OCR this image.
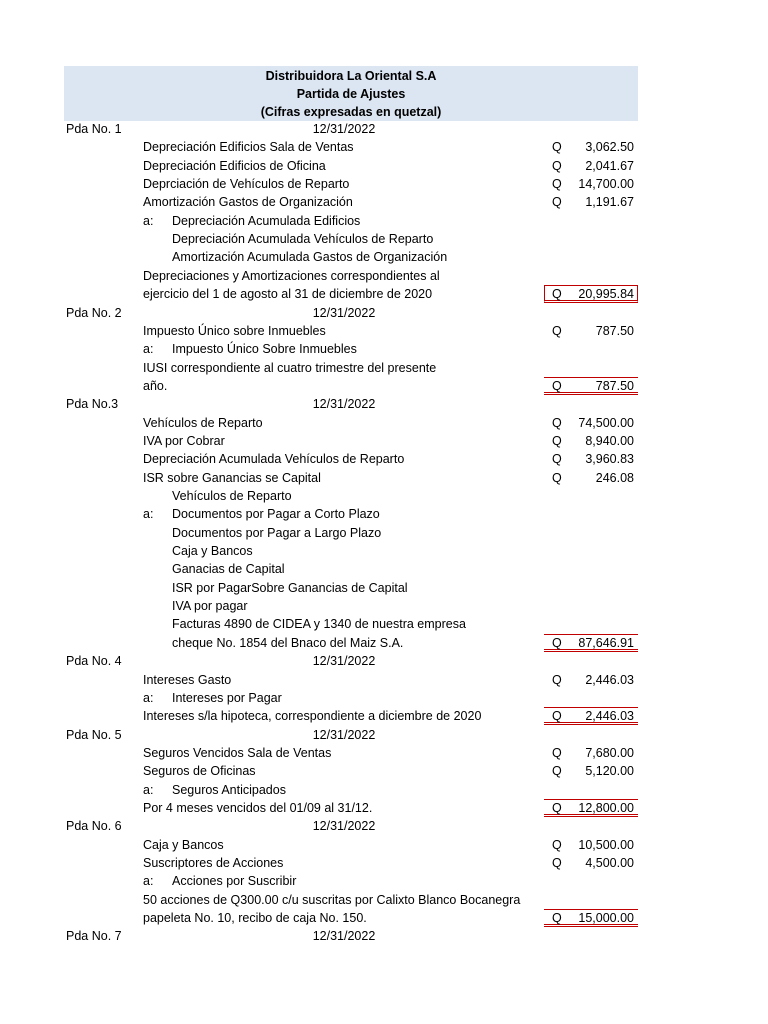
Distribuidora La Oriental S.A
Partida de Ajustes
(Cifras expresadas en quetzal)
Pda No. 1	12/31/2022
Depreciación Edificios Sala de Ventas	Q 3,062.50
Depreciación Edificios de Oficina	Q 2,041.67
Deprciación de Vehículos de Reparto	Q 14,700.00
Amortización Gastos de Organización	Q 1,191.67
a: Depreciación Acumulada Edificios
Depreciación Acumulada Vehículos de Reparto
Amortización Acumulada Gastos de Organización
Depreciaciones y Amortizaciones correspondientes al
ejercicio del 1 de agosto al 31 de diciembre de 2020	Q 20,995.84
Pda No. 2	12/31/2022
Impuesto Único sobre Inmuebles	Q	787.50
a: Impuesto Único Sobre Inmuebles
IUSI correspondiente al cuatro trimestre del presente
año.	Q	787.50
Pda No.3	12/31/2022
Vehículos de Reparto	Q 74,500.00
IVA por Cobrar	Q 8,940.00
Depreciación Acumulada Vehículos de Reparto	Q 3,960.83
ISR sobre Ganancias se Capital	Q	246.08
Vehículos de Reparto
a: Documentos por Pagar a Corto Plazo
Documentos por Pagar a Largo Plazo
Caja y Bancos
Ganacias de Capital
ISR por PagarSobre Ganancias de Capital
IVA por pagar
Facturas 4890 de CIDEA y 1340 de nuestra empresa
cheque No. 1854 del Bnaco del Maiz S.A.	Q 87,646.91
Pda No. 4	12/31/2022
Intereses Gasto	Q 2,446.03
a: Intereses por Pagar
Intereses s/la hipoteca, correspondiente a diciembre de 2020	Q 2,446.03
Pda No. 5	12/31/2022
Seguros Vencidos Sala de Ventas	Q 7,680.00
Seguros de Oficinas	Q 5,120.00
a: Seguros Anticipados
Por 4 meses vencidos del 01/09 al 31/12.	Q 12,800.00
Pda No. 6	12/31/2022
Caja y Bancos	Q 10,500.00
Suscriptores de Acciones	Q 4,500.00
a: Acciones por Suscribir
50 acciones de Q300.00 c/u suscritas por Calixto Blanco Bocanegra
papeleta No. 10, recibo de caja No. 150.	Q 15,000.00
Pda No. 7	12/31/2022
